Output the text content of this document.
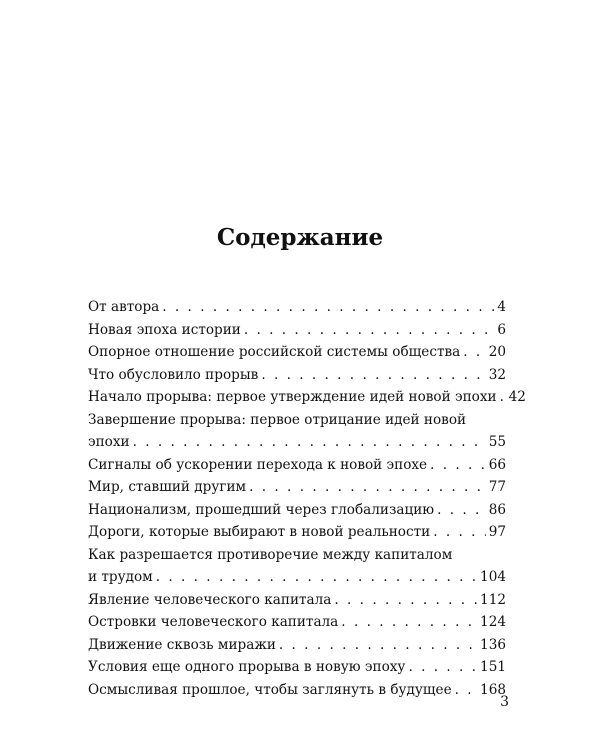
Содержание
От автора . . .	4
Новая эпоха истории . . .	6
Опорное отношение российской системы общества . . . 20
Что обусловило прорыв . . .	32
Начало прорыва: первое утверждение идей новой эпохи . . . 42
Завершение прорыва: первое отрицание идей новой
эпохи . . .	55
Сигналы об ускорении перехода к новой эпохе . . .	66
Мир, ставший другим . . .	77
Национализм, прошедший через глобализацию . . .	86
Дороги, которые выбирают в новой реальности . . .	97
Как разрешается противоречие между капиталом
и трудом . . .	104
Явление человеческого капитала . . .	112
Островки человеческого капитала . . .	124
Движение сквозь миражи . . .	136
Условия еще одного прорыва в новую эпоху . . .	151
Осмысливая прошлое, чтобы заглянуть в будущее . . . 168
3
